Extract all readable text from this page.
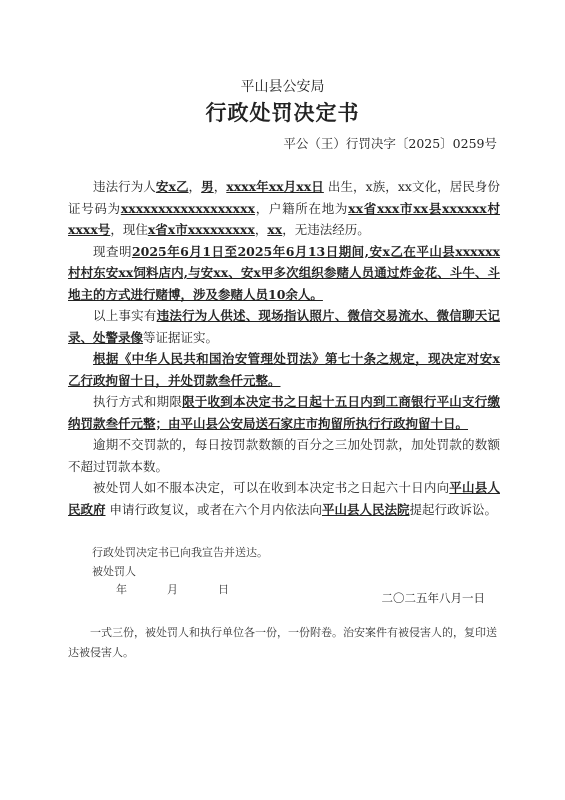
平山县公安局
行政处罚决定书
平公（王）行罚决字〔2025〕0259号

违法行为人安x乙，男，xxxx年xx月xx日 出生，x族，xx文化，居民身份证号码为xxxxxxxxxxxxxxxxxx，户籍所在地为xx省xxx市xx县xxxxxx村xxxx号，现住x省x市xxxxxxxxx，xx，无违法经历。

现查明2025年6月1日至2025年6月13日期间,安x乙在平山县xxxxxx村村东安xx饲料店内,与安xx、安x甲多次组织参赌人员通过炸金花、斗牛、斗地主的方式进行赌博，涉及参赌人员10余人。

以上事实有违法行为人供述、现场指认照片、微信交易流水、微信聊天记录、处警录像等证据证实。

根据《中华人民共和国治安管理处罚法》第七十条之规定，现决定对安x乙行政拘留十日，并处罚款叁仟元整。

执行方式和期限限于收到本决定书之日起十五日内到工商银行平山支行缴纳罚款叁仟元整；由平山县公安局送石家庄市拘留所执行行政拘留十日。

逾期不交罚款的，每日按罚款数额的百分之三加处罚款，加处罚款的数额不超过罚款本数。

被处罚人如不服本决定，可以在收到本决定书之日起六十日内向平山县人民政府 申请行政复议，或者在六个月内依法向平山县人民法院提起行政诉讼。

行政处罚决定书已向我宣告并送达。
被处罚人
年	月	日
二〇二五年八月一日
一式三份，被处罚人和执行单位各一份，一份附卷。治安案件有被侵害人的，复印送达被侵害人。
